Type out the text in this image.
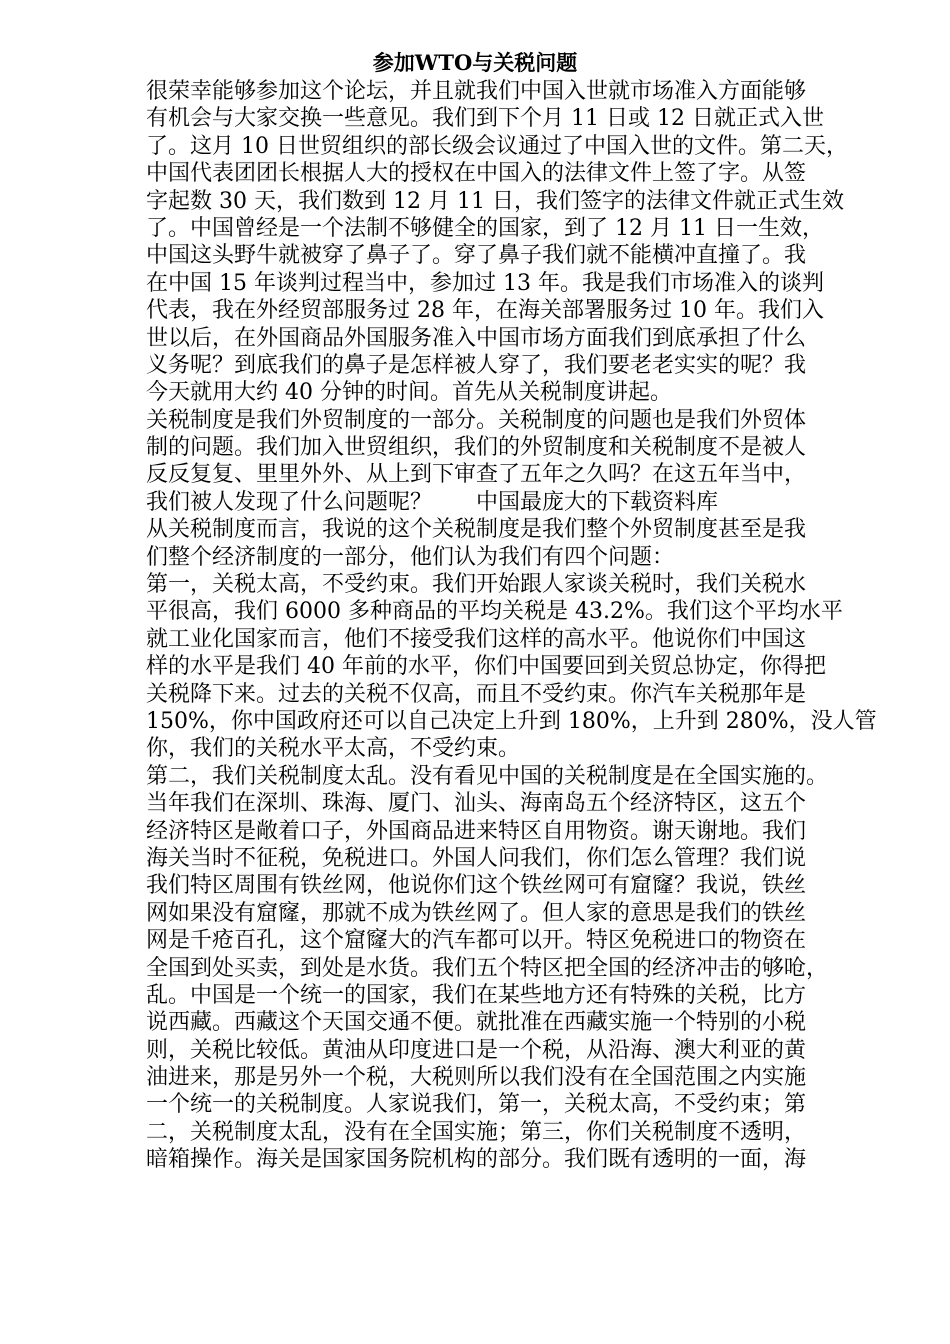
参加WTO与关税问题
很荣幸能够参加这个论坛，并且就我们中国入世就市场准入方面能够
有机会与大家交换一些意见。我们到下个月 11 日或 12 日就正式入世
了。这月 10 日世贸组织的部长级会议通过了中国入世的文件。第二天，
中国代表团团长根据人大的授权在中国入的法律文件上签了字。从签
字起数 30 天，我们数到 12 月 11 日，我们签字的法律文件就正式生效
了。中国曾经是一个法制不够健全的国家，到了 12 月 11 日一生效，
中国这头野牛就被穿了鼻子了。穿了鼻子我们就不能横冲直撞了。我
在中国 15 年谈判过程当中，参加过 13 年。我是我们市场准入的谈判
代表，我在外经贸部服务过 28 年，在海关部署服务过 10 年。我们入
世以后，在外国商品外国服务准入中国市场方面我们到底承担了什么
义务呢？到底我们的鼻子是怎样被人穿了，我们要老老实实的呢？我
今天就用大约 40 分钟的时间。首先从关税制度讲起。
关税制度是我们外贸制度的一部分。关税制度的问题也是我们外贸体
制的问题。我们加入世贸组织，我们的外贸制度和关税制度不是被人
反反复复、里里外外、从上到下审查了五年之久吗？在这五年当中，
我们被人发现了什么问题呢？　　中国最庞大的下载资料库
从关税制度而言，我说的这个关税制度是我们整个外贸制度甚至是我
们整个经济制度的一部分，他们认为我们有四个问题：
第一，关税太高，不受约束。我们开始跟人家谈关税时，我们关税水
平很高，我们 6000 多种商品的平均关税是 43.2%。我们这个平均水平
就工业化国家而言，他们不接受我们这样的高水平。他说你们中国这
样的水平是我们 40 年前的水平，你们中国要回到关贸总协定，你得把
关税降下来。过去的关税不仅高，而且不受约束。你汽车关税那年是
150%，你中国政府还可以自己决定上升到 180%，上升到 280%，没人管
你，我们的关税水平太高，不受约束。
第二，我们关税制度太乱。没有看见中国的关税制度是在全国实施的。
当年我们在深圳、珠海、厦门、汕头、海南岛五个经济特区，这五个
经济特区是敞着口子，外国商品进来特区自用物资。谢天谢地。我们
海关当时不征税，免税进口。外国人问我们，你们怎么管理？我们说
我们特区周围有铁丝网，他说你们这个铁丝网可有窟窿？我说，铁丝
网如果没有窟窿，那就不成为铁丝网了。但人家的意思是我们的铁丝
网是千疮百孔，这个窟窿大的汽车都可以开。特区免税进口的物资在
全国到处买卖，到处是水货。我们五个特区把全国的经济冲击的够呛，
乱。中国是一个统一的国家，我们在某些地方还有特殊的关税，比方
说西藏。西藏这个天国交通不便。就批准在西藏实施一个特别的小税
则，关税比较低。黄油从印度进口是一个税，从沿海、澳大利亚的黄
油进来，那是另外一个税，大税则所以我们没有在全国范围之内实施
一个统一的关税制度。人家说我们，第一，关税太高，不受约束；第
二，关税制度太乱，没有在全国实施；第三，你们关税制度不透明，
暗箱操作。海关是国家国务院机构的部分。我们既有透明的一面，海
